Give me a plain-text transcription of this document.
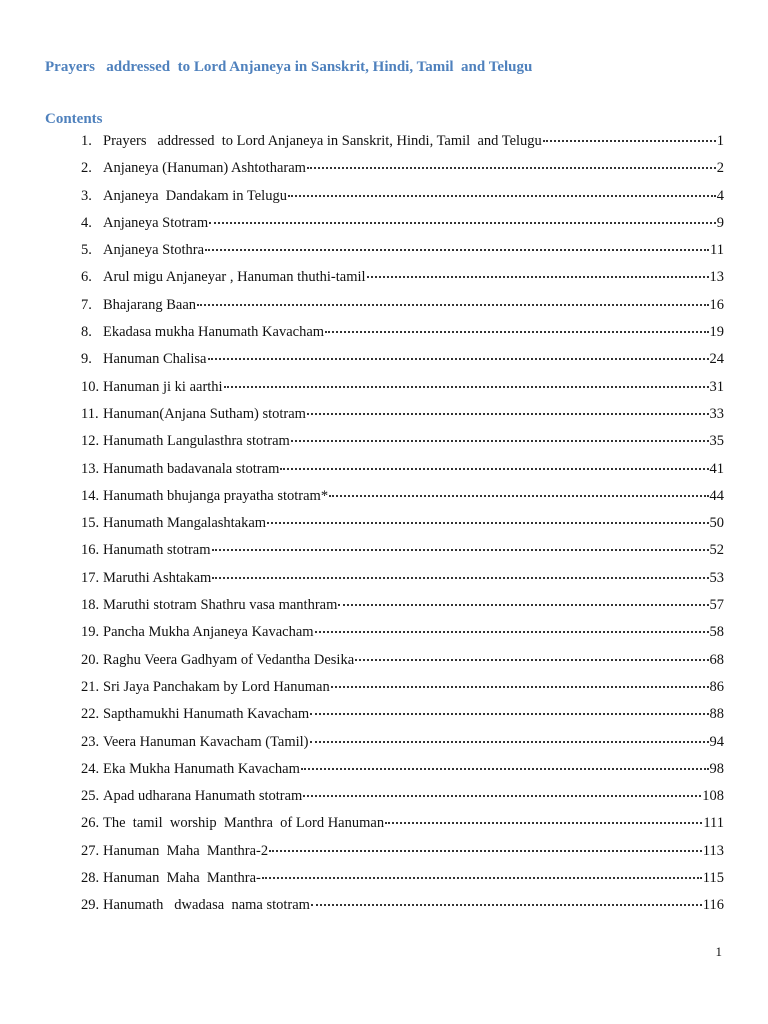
Prayers   addressed  to Lord Anjaneya in Sanskrit, Hindi, Tamil  and Telugu
Contents
1. Prayers   addressed  to Lord Anjaneya in Sanskrit, Hindi, Tamil  and Telugu	1
2. Anjaneya (Hanuman) Ashtotharam	2
3. Anjaneya  Dandakam in Telugu	4
4. Anjaneya Stotram	9
5. Anjaneya Stothra	11
6. Arul migu Anjaneyar , Hanuman thuthi-tamil	13
7. Bhajarang Baan	16
8. Ekadasa mukha Hanumath Kavacham	19
9. Hanuman Chalisa	24
10. Hanuman ji ki aarthi	31
11. Hanuman(Anjana Sutham) stotram	33
12. Hanumath Langulasthra stotram	35
13. Hanumath badavanala stotram	41
14. Hanumath bhujanga prayatha stotram*	44
15. Hanumath Mangalashtakam	50
16. Hanumath stotram	52
17. Maruthi Ashtakam	53
18. Maruthi stotram Shathru vasa manthram	57
19. Pancha Mukha Anjaneya Kavacham	58
20. Raghu Veera Gadhyam of Vedantha Desika	68
21. Sri Jaya Panchakam by Lord Hanuman	86
22. Sapthamukhi Hanumath Kavacham	88
23. Veera Hanuman Kavacham (Tamil)	94
24. Eka Mukha Hanumath Kavacham	98
25. Apad udharana Hanumath stotram	108
26. The  tamil  worship  Manthra  of Lord Hanuman	111
27. Hanuman  Maha  Manthra-2	113
28. Hanuman  Maha  Manthra-	115
29. Hanumath   dwadasa  nama stotram	116
1
